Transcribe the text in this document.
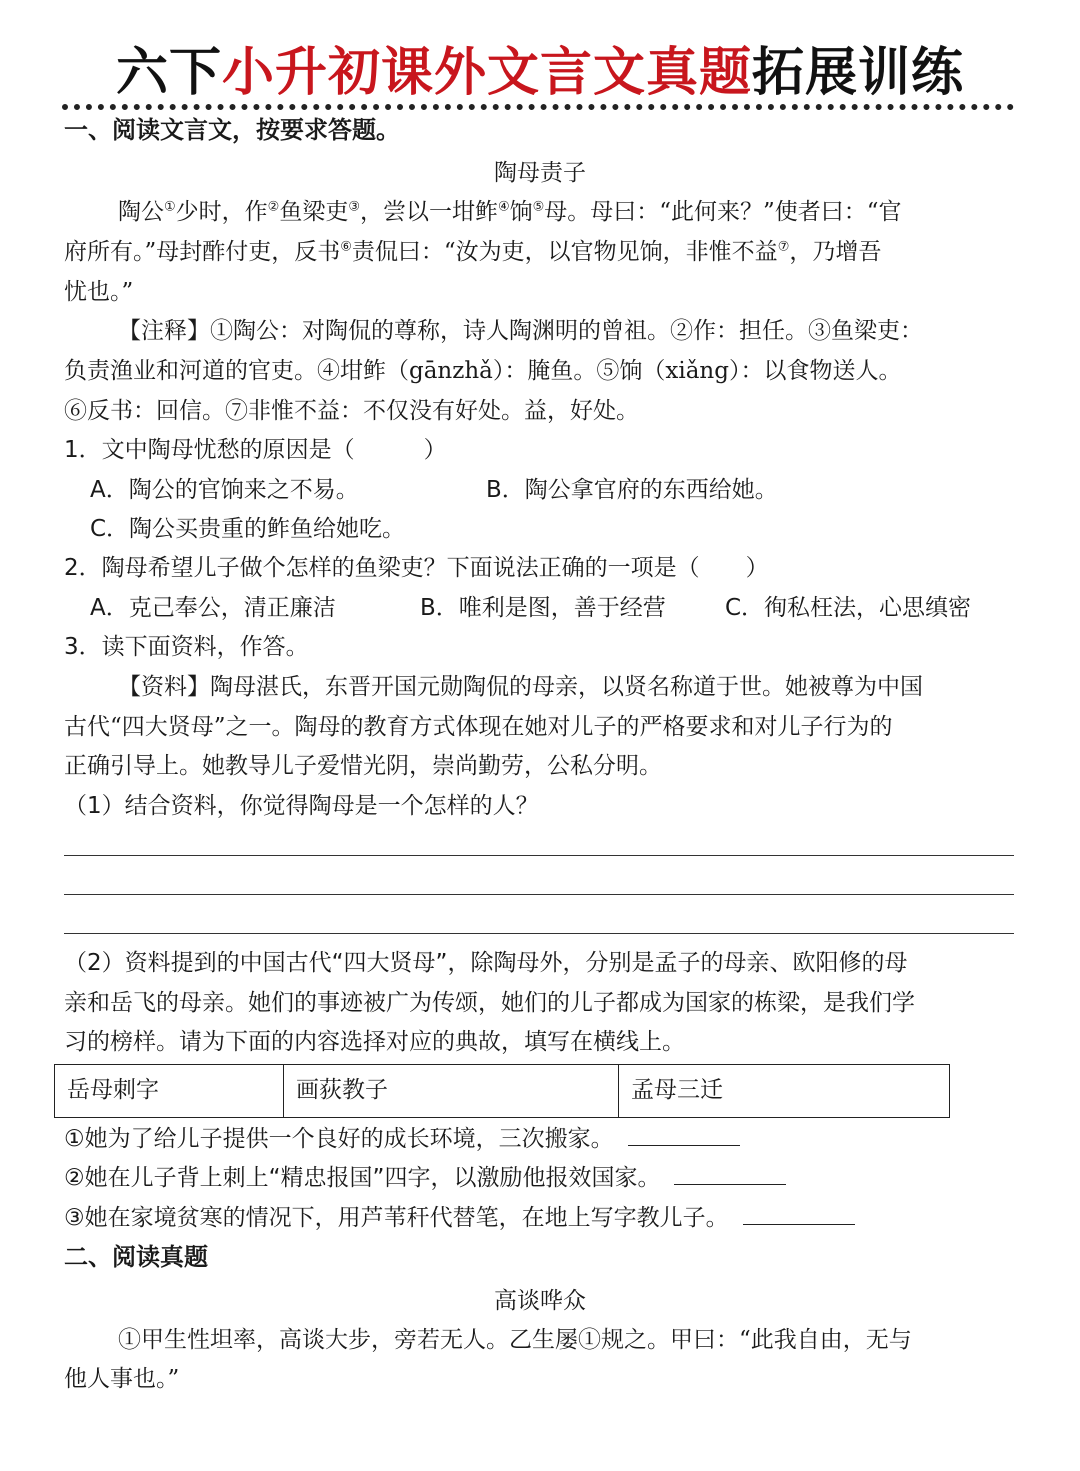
六下小升初课外文言文真题拓展训练
一、阅读文言文，按要求答题。
陶母责子
陶公①少时，作②鱼梁吏③，尝以一坩鲊④饷⑤母。母曰：“此何来？”使者曰：“官
府所有。”母封酢付吏，反书⑥责侃曰：“汝为吏，以官物见饷，非惟不益⑦，乃增吾
忧也。”
【注释】①陶公：对陶侃的尊称，诗人陶渊明的曾祖。②作：担任。③鱼梁吏：
负责渔业和河道的官吏。④坩鲊（gānzhǎ）：腌鱼。⑤饷（xiǎng）：以食物送人。
⑥反书：回信。⑦非惟不益：不仅没有好处。益，好处。
1．文中陶母忧愁的原因是（　　　）
A．陶公的官饷来之不易。	B．陶公拿官府的东西给她。
C．陶公买贵重的鲊鱼给她吃。
2．陶母希望儿子做个怎样的鱼梁吏？下面说法正确的一项是（　　）
A．克己奉公，清正廉洁	B．唯利是图，善于经营	C．徇私枉法，心思缜密
3．读下面资料，作答。
【资料】陶母湛氏，东晋开国元勋陶侃的母亲，以贤名称道于世。她被尊为中国
古代“四大贤母”之一。陶母的教育方式体现在她对儿子的严格要求和对儿子行为的
正确引导上。她教导儿子爱惜光阴，崇尚勤劳，公私分明。
（1）结合资料，你觉得陶母是一个怎样的人？
（2）资料提到的中国古代“四大贤母”，除陶母外，分别是孟子的母亲、欧阳修的母
亲和岳飞的母亲。她们的事迹被广为传颂，她们的儿子都成为国家的栋梁，是我们学
习的榜样。请为下面的内容选择对应的典故，填写在横线上。
岳母刺字	画荻教子	孟母三迁
①她为了给儿子提供一个良好的成长环境，三次搬家。
②她在儿子背上刺上“精忠报国”四字，以激励他报效国家。
③她在家境贫寒的情况下，用芦苇秆代替笔，在地上写字教儿子。
二、阅读真题
高谈哗众
①甲生性坦率，高谈大步，旁若无人。乙生屡①规之。甲曰：“此我自由，无与
他人事也。”
